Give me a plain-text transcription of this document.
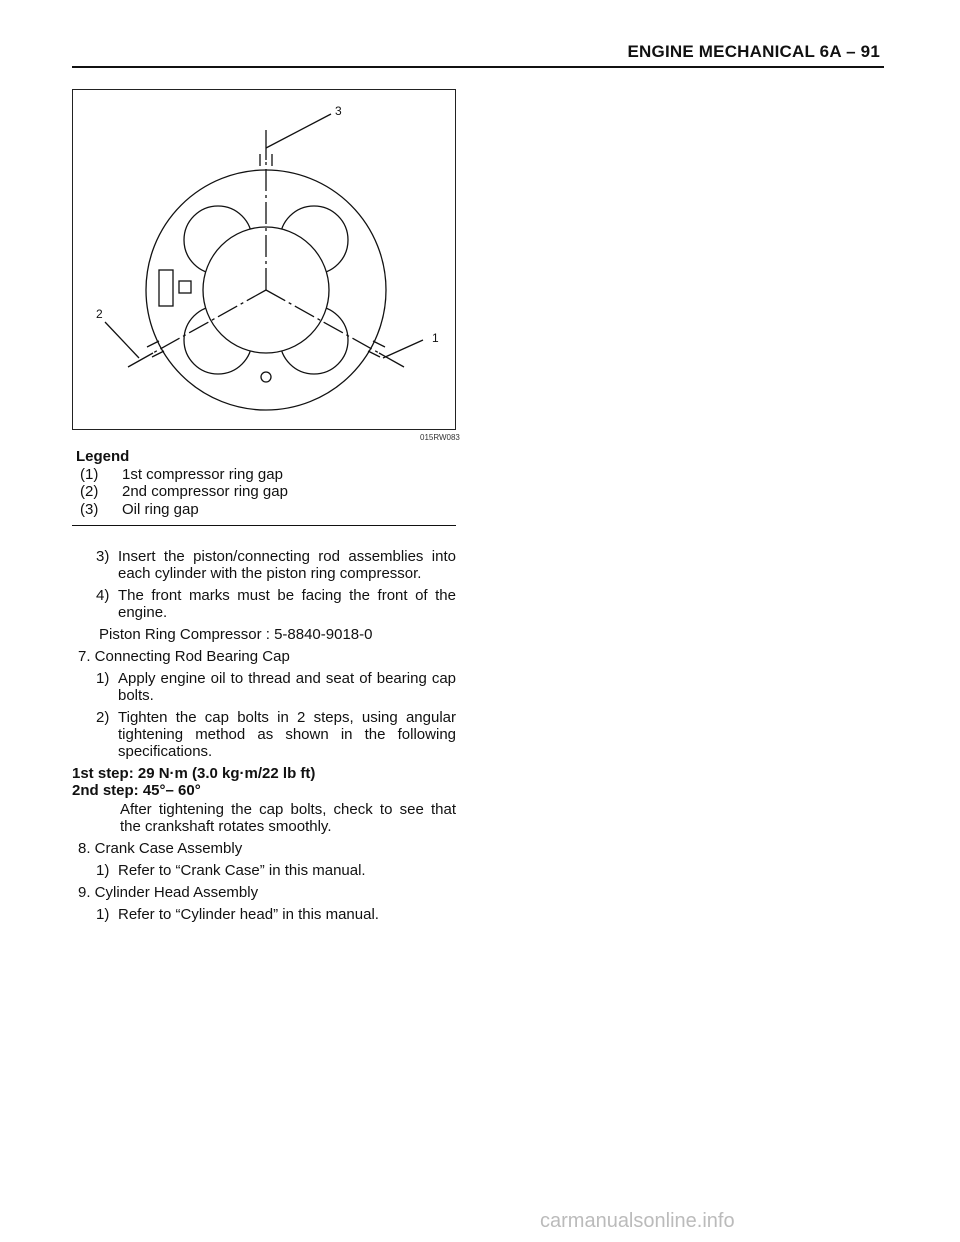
ENGINE MECHANICAL 6A – 91
3
2
1
015RW083
Legend
(1) 1st compressor ring gap
(2) 2nd compressor ring gap
(3) Oil ring gap

3) Insert the piston/connecting rod assemblies into each cylinder with the piston ring compressor.

4) The front marks must be facing the front of the engine.

Piston Ring Compressor : 5-8840-9018-0

7. Connecting Rod Bearing Cap

1) Apply engine oil to thread and seat of bearing cap bolts.

2) Tighten the cap bolts in 2 steps, using angular tightening method as shown in the following specifications.

1st step: 29 N·m (3.0 kg·m/22 lb ft)

2nd step: 45°– 60°

After tightening the cap bolts, check to see that the crankshaft rotates smoothly.

8. Crank Case Assembly

1) Refer to “Crank Case” in this manual.

9. Cylinder Head Assembly

1) Refer to “Cylinder head” in this manual.

carmanualsonline.info
